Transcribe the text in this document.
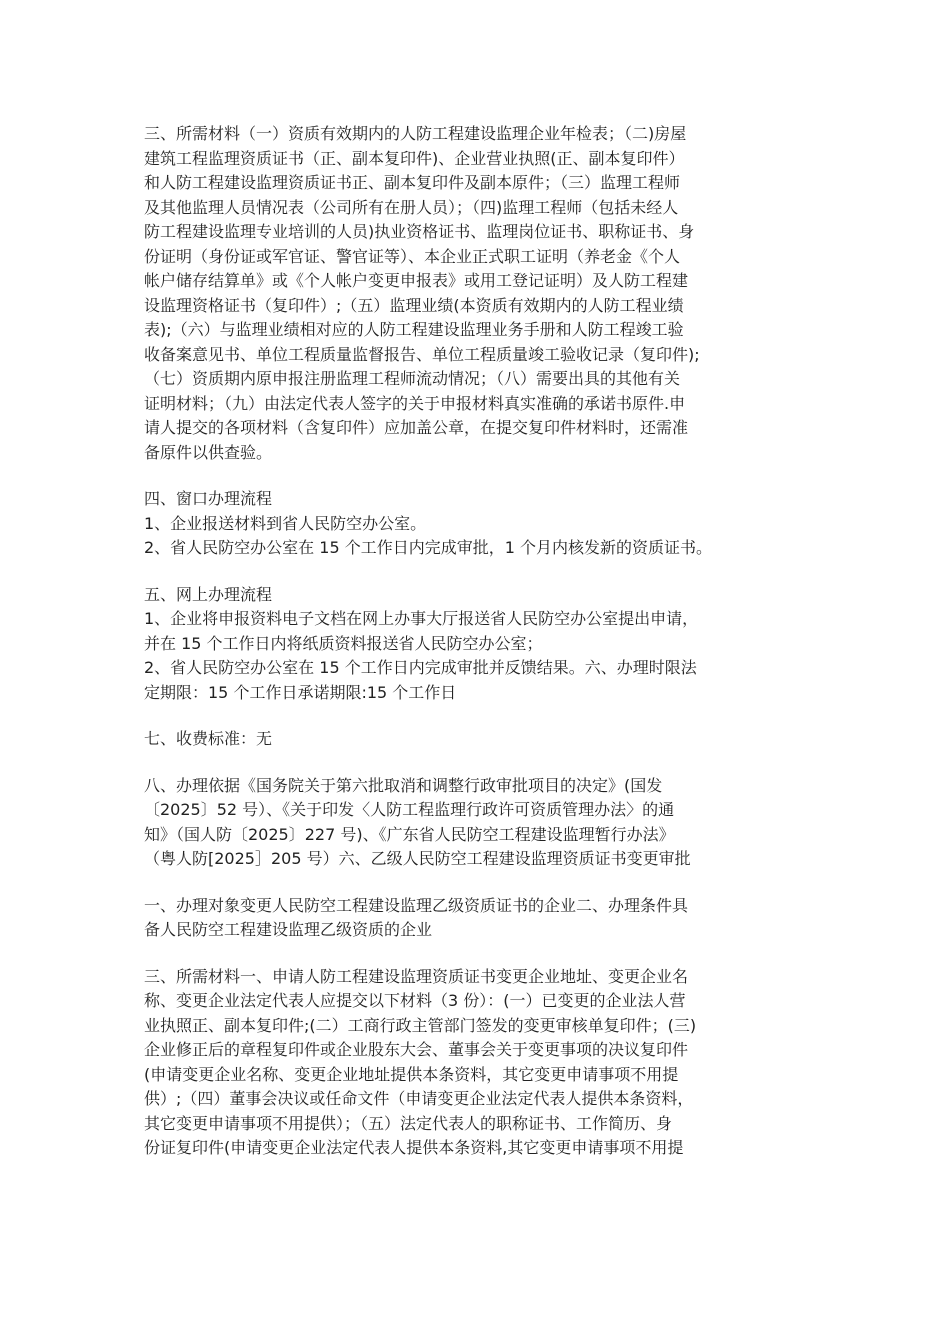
三、所需材料（一）资质有效期内的人防工程建设监理企业年检表；（二)房屋
建筑工程监理资质证书（正、副本复印件)、企业营业执照(正、副本复印件）
和人防工程建设监理资质证书正、副本复印件及副本原件；（三）监理工程师
及其他监理人员情况表（公司所有在册人员）；（四)监理工程师（包括未经人
防工程建设监理专业培训的人员)执业资格证书、监理岗位证书、职称证书、身
份证明（身份证或军官证、警官证等）、本企业正式职工证明（养老金《个人
帐户储存结算单》或《个人帐户变更申报表》或用工登记证明）及人防工程建
设监理资格证书（复印件）;（五）监理业绩(本资质有效期内的人防工程业绩
表);（六）与监理业绩相对应的人防工程建设监理业务手册和人防工程竣工验
收备案意见书、单位工程质量监督报告、单位工程质量竣工验收记录（复印件);
（七）资质期内原申报注册监理工程师流动情况；（八）需要出具的其他有关
证明材料；（九）由法定代表人签字的关于申报材料真实准确的承诺书原件.申
请人提交的各项材料（含复印件）应加盖公章，在提交复印件材料时，还需准
备原件以供查验。
四、窗口办理流程
1、企业报送材料到省人民防空办公室。
2、省人民防空办公室在 15 个工作日内完成审批，1 个月内核发新的资质证书。
五、网上办理流程
1、企业将申报资料电子文档在网上办事大厅报送省人民防空办公室提出申请，
并在 15 个工作日内将纸质资料报送省人民防空办公室；
2、省人民防空办公室在 15 个工作日内完成审批并反馈结果。六、办理时限法
定期限：15 个工作日承诺期限:15 个工作日
七、收费标准：无
八、办理依据《国务院关于第六批取消和调整行政审批项目的决定》(国发
〔2025〕52 号）、《关于印发〈人防工程监理行政许可资质管理办法〉的通
知》（国人防〔2025〕227 号)、《广东省人民防空工程建设监理暂行办法》
（粤人防[2025］205 号）六、乙级人民防空工程建设监理资质证书变更审批
一、办理对象变更人民防空工程建设监理乙级资质证书的企业二、办理条件具
备人民防空工程建设监理乙级资质的企业
三、所需材料一、申请人防工程建设监理资质证书变更企业地址、变更企业名
称、变更企业法定代表人应提交以下材料（3 份）：(一）已变更的企业法人营
业执照正、副本复印件;(二）工商行政主管部门签发的变更审核单复印件；(三)
企业修正后的章程复印件或企业股东大会、董事会关于变更事项的决议复印件
(申请变更企业名称、变更企业地址提供本条资料，其它变更申请事项不用提
供）;（四）董事会决议或任命文件（申请变更企业法定代表人提供本条资料，
其它变更申请事项不用提供）；（五）法定代表人的职称证书、工作简历、身
份证复印件(申请变更企业法定代表人提供本条资料,其它变更申请事项不用提
